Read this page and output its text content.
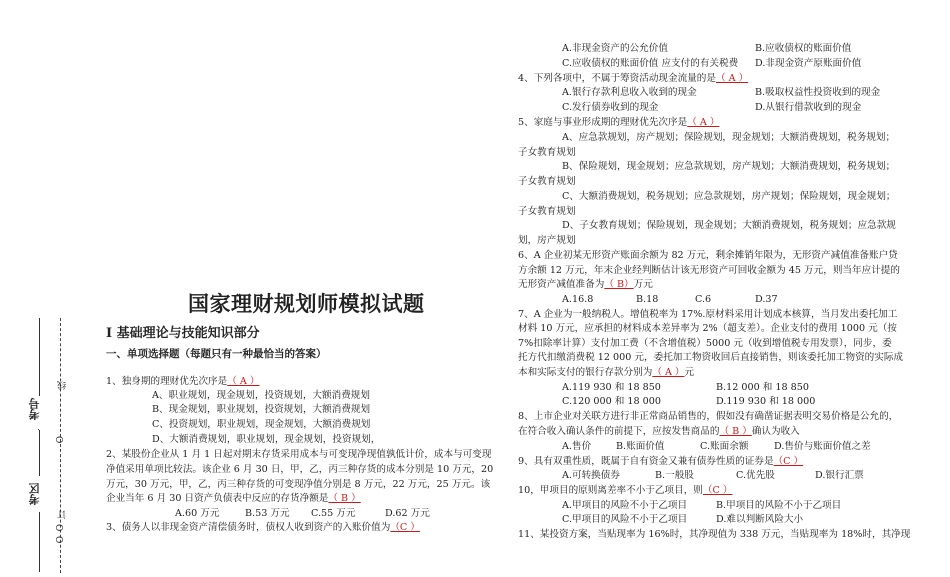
考号
考区
线
O
订
O
O
国家理财规划师模拟试题
I 基础理论与技能知识部分
一、单项选择题（每题只有一种最恰当的答案）
1、独身期的理财优先次序是（ A ）
A、职业规划，现金规划，投资规划，大额消费规划
B、现金规划，职业规划，投资规划，大额消费规划
C、投资规划，职业规划，现金规划，大额消费规划
D、大额消费规划，职业规划，现金规划，投资规划，
2、某股份企业从 1 月 1 日起对期末存货采用成本与可变现净现值孰低计价，成本与可变现
净值采用单项比较法。该企业 6 月 30 日，甲，乙，丙三种存货的成本分别是 10 万元，20
万元，30 万元，甲，乙，丙三种存货的可变现净值分别是 8 万元，22 万元，25 万元。该
企业当年 6 月 30 日资产负债表中反应的存货净额是（ B ）
A.60 万元	B.53 万元 C.55 万元	D.62 万元
3、债务人以非现金资产清偿债务时，债权人收到资产的入账价值为（C ）
A.非现金资产的公允价值	B.应收债权的账面价值
C.应收债权的账面价值 应支付的有关税费 D.非现金资产原账面价值
4、下列各项中，不属于筹资活动现金流量的是（ A ）
A.银行存款利息收入收到的现金	B.吸取权益性投资收到的现金
C.发行债券收到的现金	D.从银行借款收到的现金
5、家庭与事业形成期的理财优先次序是（ A ）
A、应急款规划，房产规划；保险规划，现金规划；大额消费规划，税务规划；
子女教育规划
B、保险规划，现金规划；应急款规划，房产规划；大额消费规划，税务规划；
子女教育规划
C、大额消费规划，税务规划；应急款规划，房产规划；保险规划，现金规划；
子女教育规划
D、子女教育规划；保险规划，现金规划；大额消费规划，税务规划；应急款规
划，房产规划
6、A 企业初某无形资产账面余额为 82 万元，剩余摊销年限为，无形资产减值准备账户贷
方余额 12 万元，年末企业经判断估计该无形资产可回收金额为 45 万元，则当年应计提的
无形资产减值准备为（ B）万元
A.16.8	B.18	C.6	D.37
7、A 企业为一般纳税人。增值税率为 17%.原材料采用计划成本核算，当月发出委托加工
材料 10 万元，应承担的材料成本差异率为 2%（超支差）。企业支付的费用 1000 元（按
7%扣除率计算）支付加工费（不含增值税）5000 元（收到增值税专用发票），同步，委
托方代扣缴消费税 12 000 元，委托加工物资收回后直接销售，则该委托加工物资的实际成
本和实际支付的银行存款分别为（ A ）元
A.119 930 和 18 850	B.12 000 和 18 850
C.120 000 和 18 000	D.119 930 和 18 000
8、上市企业对关联方进行非正常商品销售的，假如没有确凿证据表明交易价格是公允的，
在符合收入确认条件的前提下，应按发售商品的（ B ）确认为收入
A.售价	B.账面价值	C.账面余额	D.售价与账面价值之差
9、具有双重性质，既属于自有资金又兼有债券性质的证券是（C ）
A.可转换债券	B.一般股	C.优先股	D.银行汇票
10，甲项目的原则离差率不小于乙项目，则（C ）
A.甲项目的风险不小于乙项目	B.甲项目的风险不小于乙项目
C.甲项目的风险不小于乙项目	D.难以判断风险大小
11、某投资方案，当贴现率为 16%时，其净现值为 338 万元，当贴现率为 18%时，其净现
